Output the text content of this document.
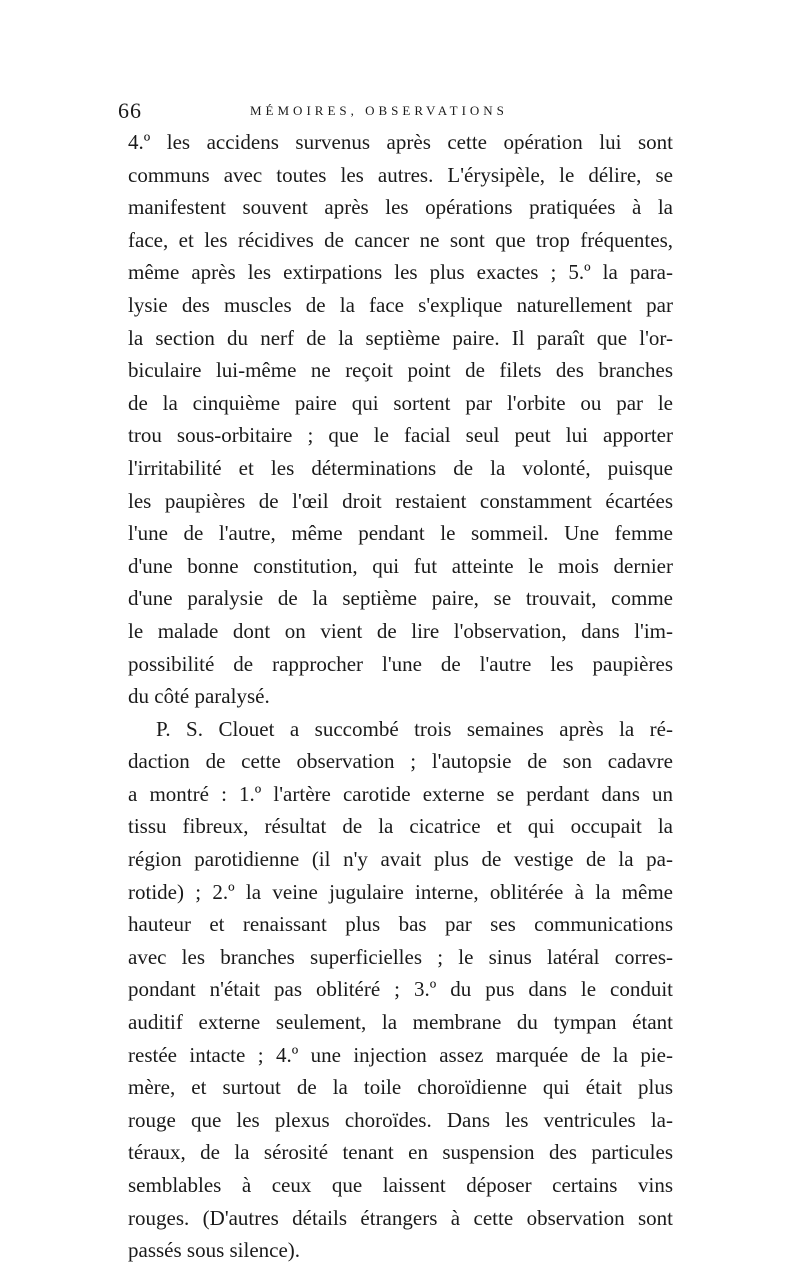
66	MÉMOIRES, OBSERVATIONS
4.º les accidens survenus après cette opération lui sont
communs avec toutes les autres. L'érysipèle, le délire, se
manifestent souvent après les opérations pratiquées à la
face, et les récidives de cancer ne sont que trop fréquentes,
même après les extirpations les plus exactes ; 5.º la para-
lysie des muscles de la face s'explique naturellement par
la section du nerf de la septième paire. Il paraît que l'or-
biculaire lui-même ne reçoit point de filets des branches
de la cinquième paire qui sortent par l'orbite ou par le
trou sous-orbitaire ; que le facial seul peut lui apporter
l'irritabilité et les déterminations de la volonté, puisque
les paupières de l'œil droit restaient constamment écartées
l'une de l'autre, même pendant le sommeil. Une femme
d'une bonne constitution, qui fut atteinte le mois dernier
d'une paralysie de la septième paire, se trouvait, comme
le malade dont on vient de lire l'observation, dans l'im-
possibilité de rapprocher l'une de l'autre les paupières
du côté paralysé.
P. S. Clouet a succombé trois semaines après la ré-
daction de cette observation ; l'autopsie de son cadavre
a montré : 1.º l'artère carotide externe se perdant dans un
tissu fibreux, résultat de la cicatrice et qui occupait la
région parotidienne (il n'y avait plus de vestige de la pa-
rotide) ; 2.º la veine jugulaire interne, oblitérée à la même
hauteur et renaissant plus bas par ses communications
avec les branches superficielles ; le sinus latéral corres-
pondant n'était pas oblitéré ; 3.º du pus dans le conduit
auditif externe seulement, la membrane du tympan étant
restée intacte ; 4.º une injection assez marquée de la pie-
mère, et surtout de la toile choroïdienne qui était plus
rouge que les plexus choroïdes. Dans les ventricules la-
téraux, de la sérosité tenant en suspension des particules
semblables à ceux que laissent déposer certains vins
rouges. (D'autres détails étrangers à cette observation sont
passés sous silence).
